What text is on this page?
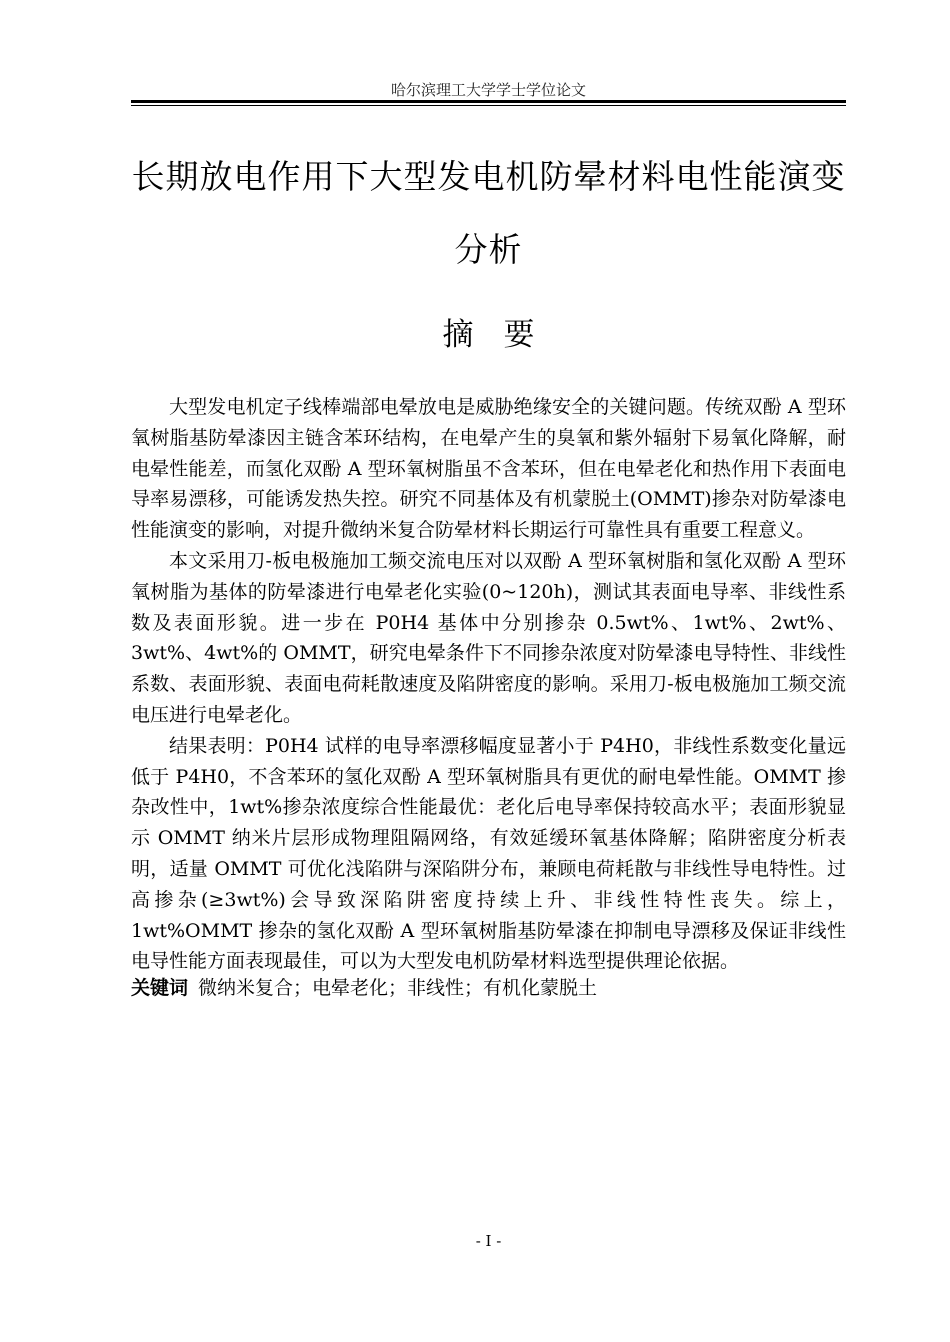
哈尔滨理工大学学士学位论文
长期放电作用下大型发电机防晕材料电性能演变
分析
摘要

大型发电机定子线棒端部电晕放电是威胁绝缘安全的关键问题。传统双酚 A 型环氧树脂基防晕漆因主链含苯环结构，在电晕产生的臭氧和紫外辐射下易氧化降解，耐电晕性能差，而氢化双酚 A 型环氧树脂虽不含苯环，但在电晕老化和热作用下表面电导率易漂移，可能诱发热失控。研究不同基体及有机蒙脱土(OMMT)掺杂对防晕漆电性能演变的影响，对提升微纳米复合防晕材料长期运行可靠性具有重要工程意义。

本文采用刀-板电极施加工频交流电压对以双酚 A 型环氧树脂和氢化双酚 A 型环氧树脂为基体的防晕漆进行电晕老化实验(0~120h)，测试其表面电导率、非线性系数及表面形貌。进一步在 P0H4 基体中分别掺杂 0.5wt%、1wt%、2wt%、3wt%、4wt%的 OMMT，研究电晕条件下不同掺杂浓度对防晕漆电导特性、非线性系数、表面形貌、表面电荷耗散速度及陷阱密度的影响。采用刀-板电极施加工频交流电压进行电晕老化。

结果表明：P0H4 试样的电导率漂移幅度显著小于 P4H0，非线性系数变化量远低于 P4H0，不含苯环的氢化双酚 A 型环氧树脂具有更优的耐电晕性能。OMMT 掺杂改性中，1wt%掺杂浓度综合性能最优：老化后电导率保持较高水平；表面形貌显示 OMMT 纳米片层形成物理阻隔网络，有效延缓环氧基体降解；陷阱密度分析表明，适量 OMMT 可优化浅陷阱与深陷阱分布，兼顾电荷耗散与非线性导电特性。过高掺杂(≥3wt%)会导致深陷阱密度持续上升、非线性特性丧失。综上，1wt%OMMT 掺杂的氢化双酚 A 型环氧树脂基防晕漆在抑制电导漂移及保证非线性电导性能方面表现最佳，可以为大型发电机防晕材料选型提供理论依据。

关键词 微纳米复合；电晕老化；非线性；有机化蒙脱土
- I -
